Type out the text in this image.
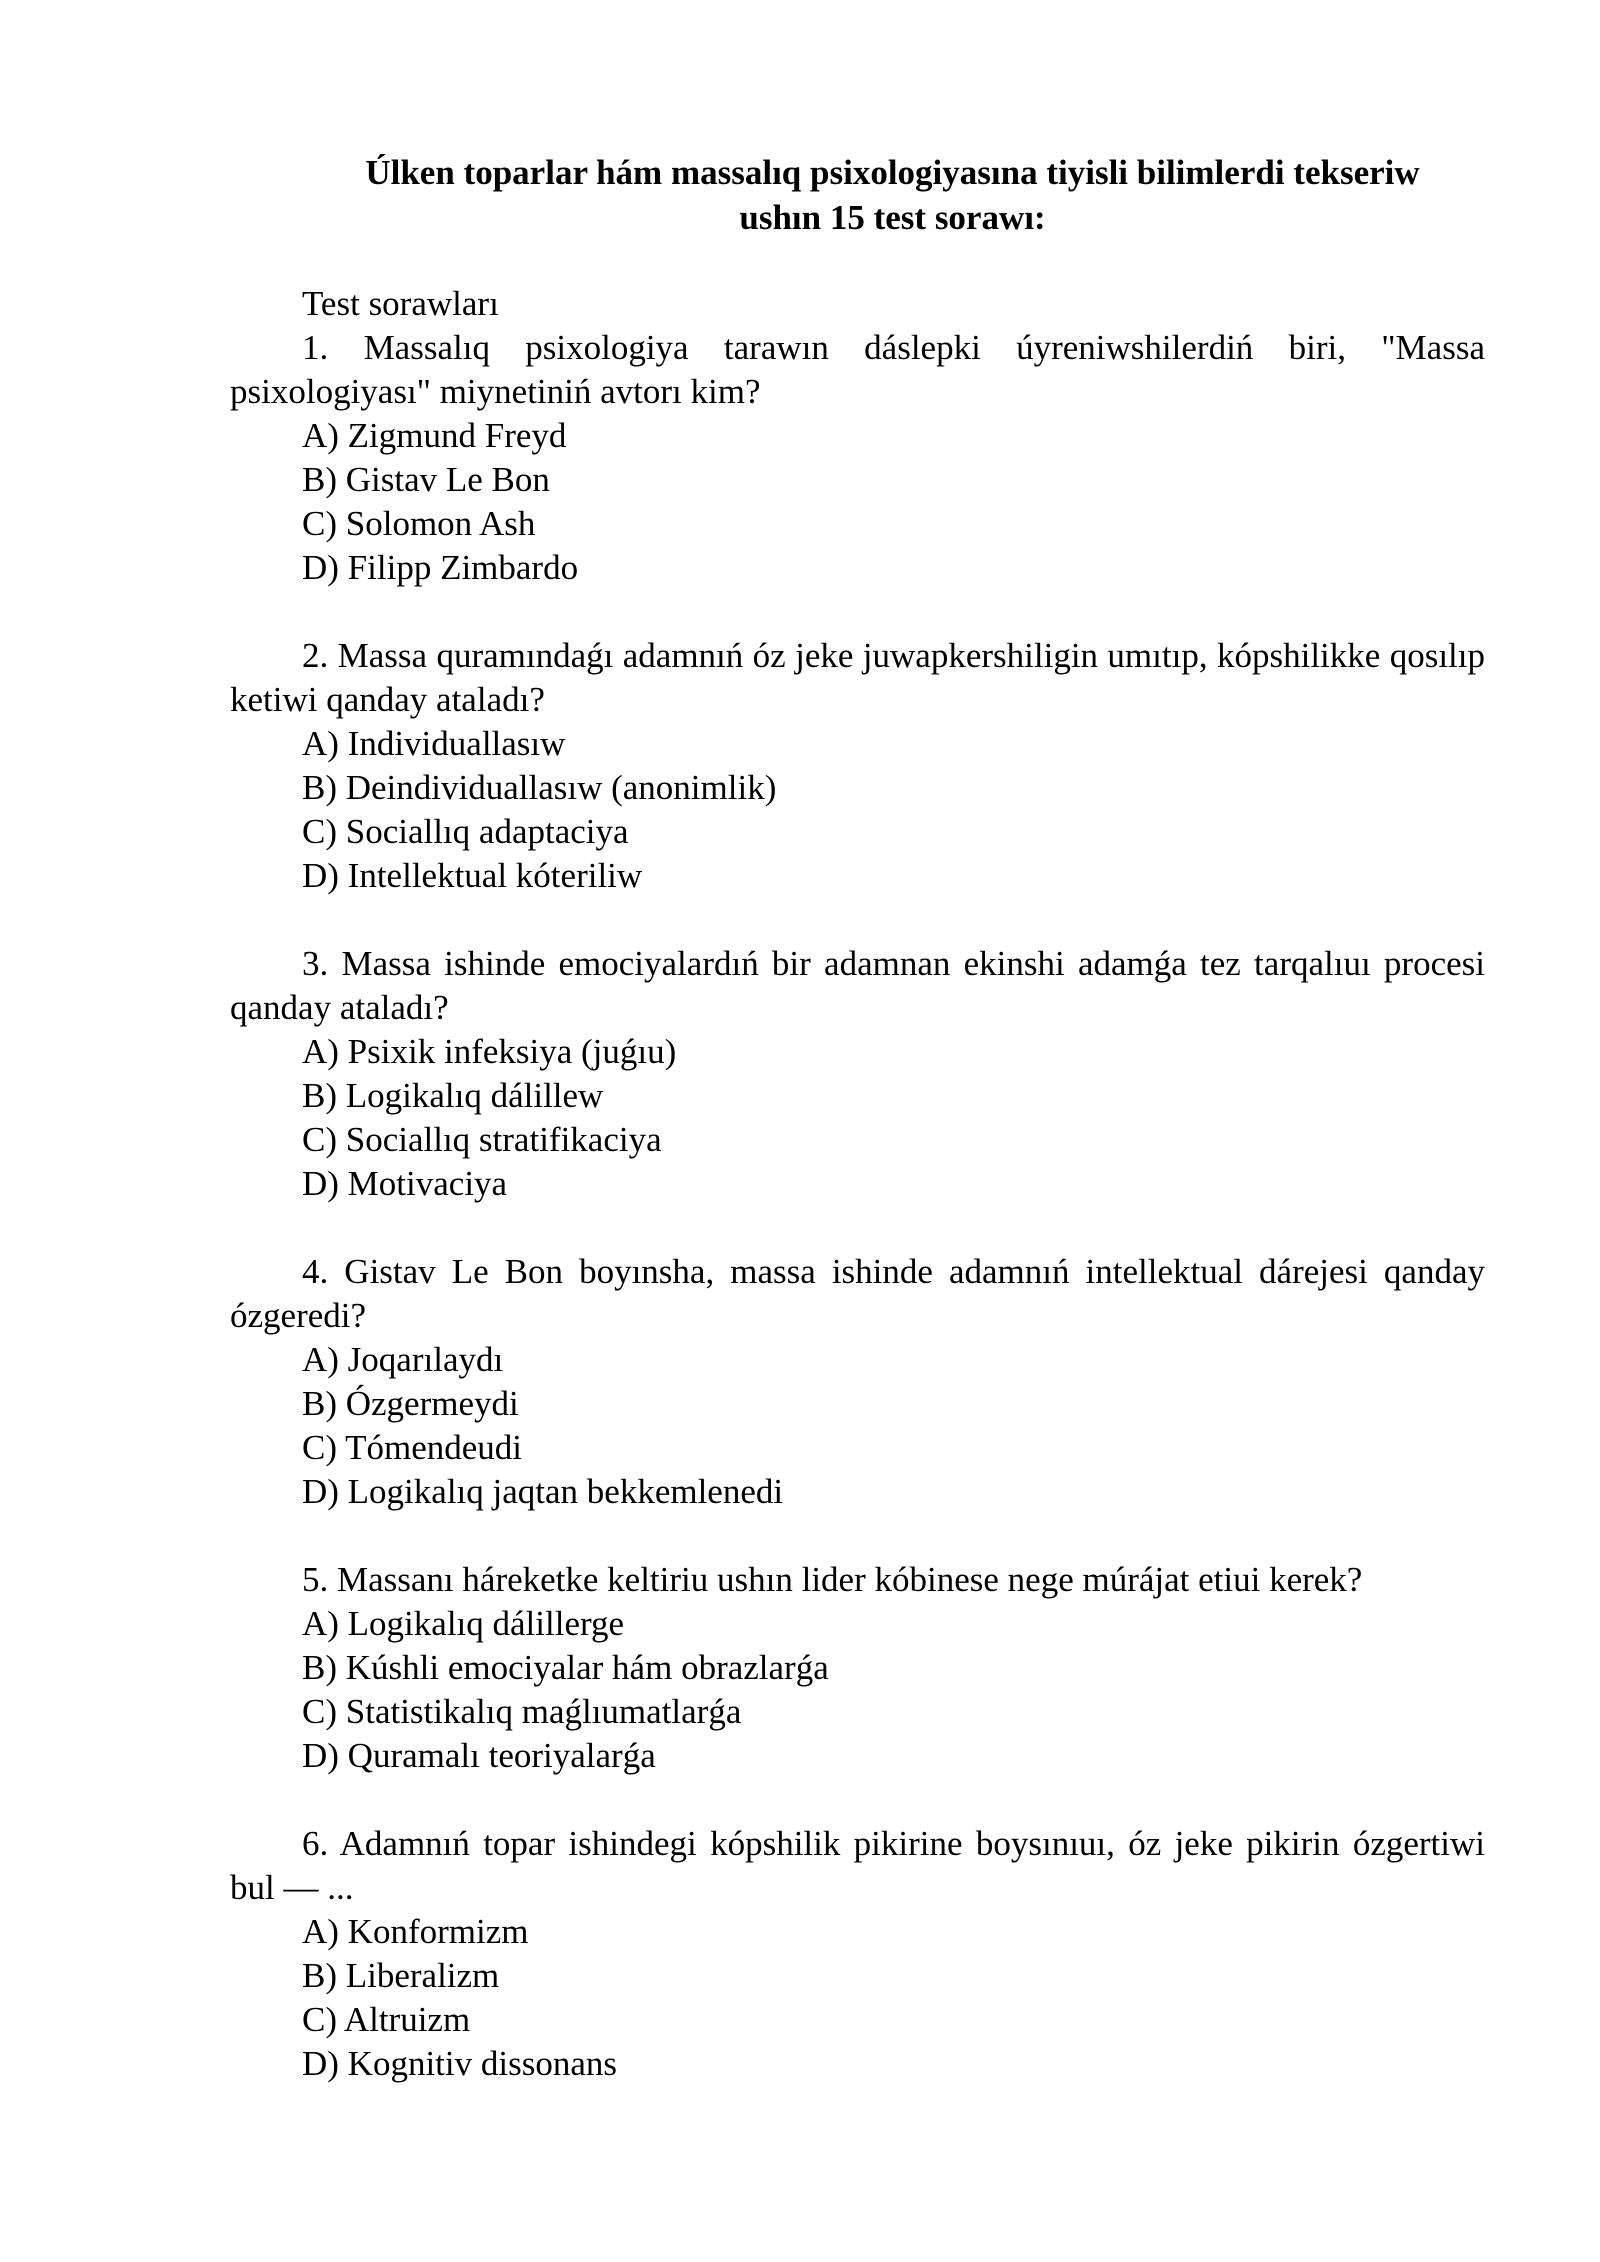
Úlken toparlar hám massalıq psixologiyasına tiyisli bilimlerdi tekseriw
ushın 15 test sorawı:
Test sorawları

1. Massalıq psixologiya tarawın dáslepki úyreniwshilerdiń biri, "Massa psixologiyası" miynetiniń avtorı kim?

A) Zigmund Freyd

B) Gistav Le Bon

C) Solomon Ash

D) Filipp Zimbardo

2. Massa quramındaǵı adamnıń óz jeke juwapkershiligin umıtıp, kópshilikke qosılıp ketiwi qanday ataladı?

A) Individuallasıw

B) Deindividuallasıw (anonimlik)

C) Sociallıq adaptaciya

D) Intellektual kóteriliw

3. Massa ishinde emociyalardıń bir adamnan ekinshi adamǵa tez tarqalıuı procesi qanday ataladı?

A) Psixik infeksiya (juǵıu)

B) Logikalıq dálillew

C) Sociallıq stratifikaciya

D) Motivaciya

4. Gistav Le Bon boyınsha, massa ishinde adamnıń intellektual dárejesi qanday ózgeredi?

A) Joqarılaydı

B) Ózgermeydi

C) Tómendeudi

D) Logikalıq jaqtan bekkemlenedi

5. Massanı háreketke keltiriu ushın lider kóbinese nege múrájat etiui kerek?

A) Logikalıq dálillerge

B) Kúshli emociyalar hám obrazlarǵa

C) Statistikalıq maǵlıumatlarǵa

D) Quramalı teoriyalarǵa

6. Adamnıń topar ishindegi kópshilik pikirine boysınıuı, óz jeke pikirin ózgertiwi bul — ...

A) Konformizm

B) Liberalizm

C) Altruizm

D) Kognitiv dissonans
